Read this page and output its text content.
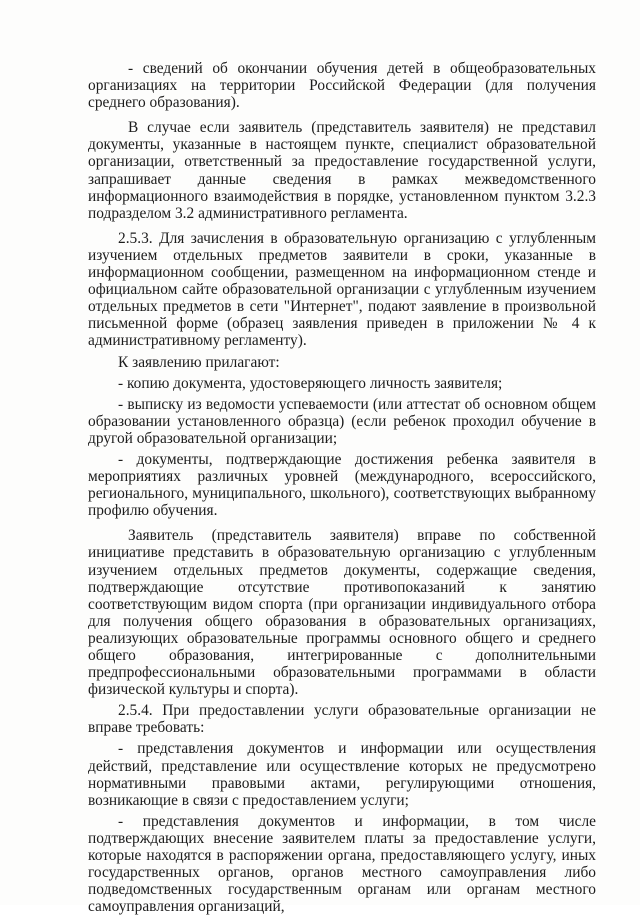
- сведений об окончании обучения детей в общеобразовательных организациях на территории Российской Федерации (для получения среднего образования).

В случае если заявитель (представитель заявителя) не представил документы, указанные в настоящем пункте, специалист образовательной организации, ответственный за предоставление государственной услуги, запрашивает данные сведения в рамках межведомственного информационного взаимодействия в порядке, установленном пунктом 3.2.3 подразделом 3.2 административного регламента.

2.5.3. Для зачисления в образовательную организацию с углубленным изучением отдельных предметов заявители в сроки, указанные в информационном сообщении, размещенном на информационном стенде и официальном сайте образовательной организации с углубленным изучением отдельных предметов в сети "Интернет", подают заявление в произвольной письменной форме (образец заявления приведен в приложении № 4 к административному регламенту).

К заявлению прилагают:

- копию документа, удостоверяющего личность заявителя;

- выписку из ведомости успеваемости (или аттестат об основном общем образовании установленного образца) (если ребенок проходил обучение в другой образовательной организации;

- документы, подтверждающие достижения ребенка заявителя в мероприятиях различных уровней (международного, всероссийского, регионального, муниципального, школьного), соответствующих выбранному профилю обучения.

Заявитель (представитель заявителя) вправе по собственной инициативе представить в образовательную организацию с углубленным изучением отдельных предметов документы, содержащие сведения, подтверждающие отсутствие противопоказаний к занятию соответствующим видом спорта (при организации индивидуального отбора для получения общего образования в образовательных организациях, реализующих образовательные программы основного общего и среднего общего образования, интегрированные с дополнительными предпрофессиональными образовательными программами в области физической культуры и спорта).

2.5.4. При предоставлении услуги образовательные организации не вправе требовать:

- представления документов и информации или осуществления действий, представление или осуществление которых не предусмотрено нормативными правовыми актами, регулирующими отношения, возникающие в связи с предоставлением услуги;

- представления документов и информации, в том числе подтверждающих внесение заявителем платы за предоставление услуги, которые находятся в распоряжении органа, предоставляющего услугу, иных государственных органов, органов местного самоуправления либо подведомственных государственным органам или органам местного самоуправления организаций,
